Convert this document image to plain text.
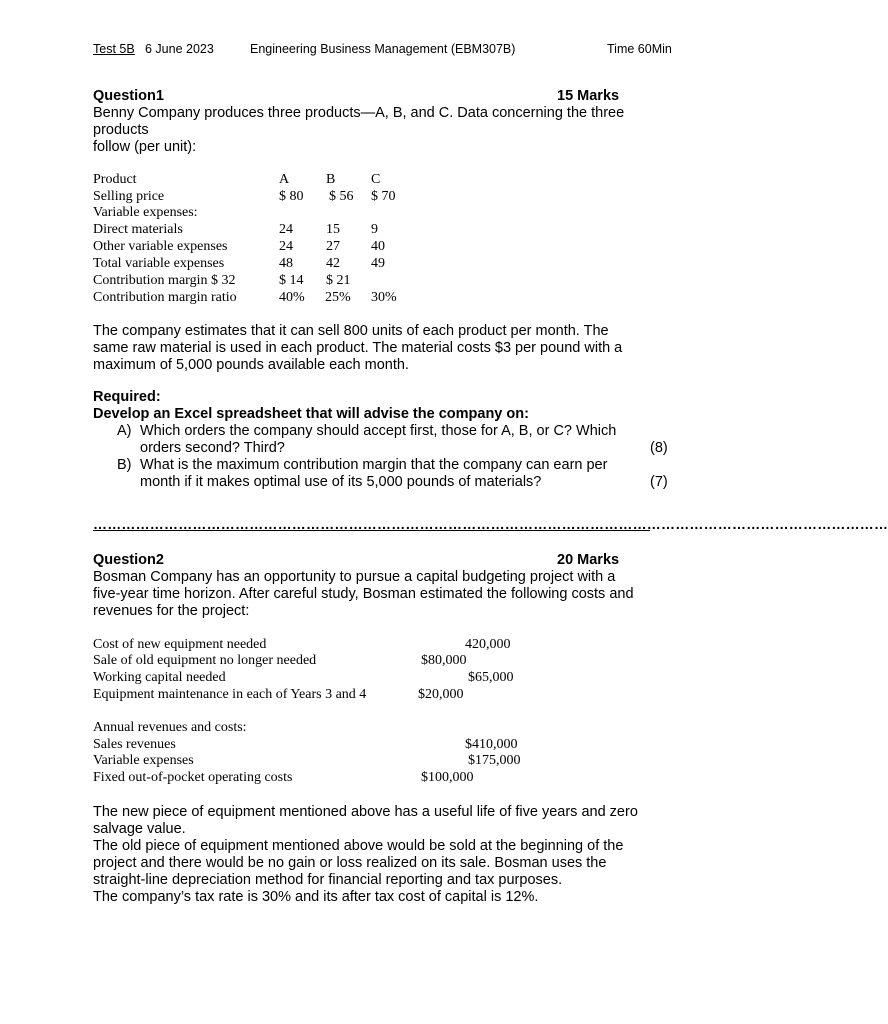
Test 5B 6 June 2023	Engineering Business Management (EBM307B)	Time 60Min
Question1	15 Marks
Benny Company produces three products—A, B, and C. Data concerning the three
products
follow (per unit):
Product	A	B	C
Selling price	$ 80 $ 56 $ 70
Variable expenses:
Direct materials	24 15 9
Other variable expenses	24 27 40
Total variable expenses	48 42 49
Contribution margin $ 32	$ 14 $ 21
Contribution margin ratio	40% 25% 30%
The company estimates that it can sell 800 units of each product per month. The
same raw material is used in each product. The material costs $3 per pound with a
maximum of 5,000 pounds available each month.
Required:
Develop an Excel spreadsheet that will advise the company on:
A) Which orders the company should accept first, those for A, B, or C? Which
orders second? Third?	(8)
B) What is the maximum contribution margin that the company can earn per
month if it makes optimal use of its 5,000 pounds of materials?	(7)
……………………………………………………………………………………………………………………………………………………
Question2	20 Marks
Bosman Company has an opportunity to pursue a capital budgeting project with a
five-year time horizon. After careful study, Bosman estimated the following costs and
revenues for the project:
Cost of new equipment needed	420,000
Sale of old equipment no longer needed	$80,000
Working capital needed	$65,000
Equipment maintenance in each of Years 3 and 4	$20,000
Annual revenues and costs:
Sales revenues	$410,000
Variable expenses	$175,000
Fixed out-of-pocket operating costs	$100,000
The new piece of equipment mentioned above has a useful life of five years and zero
salvage value.
The old piece of equipment mentioned above would be sold at the beginning of the
project and there would be no gain or loss realized on its sale. Bosman uses the
straight-line depreciation method for financial reporting and tax purposes.
The company’s tax rate is 30% and its after tax cost of capital is 12%.
